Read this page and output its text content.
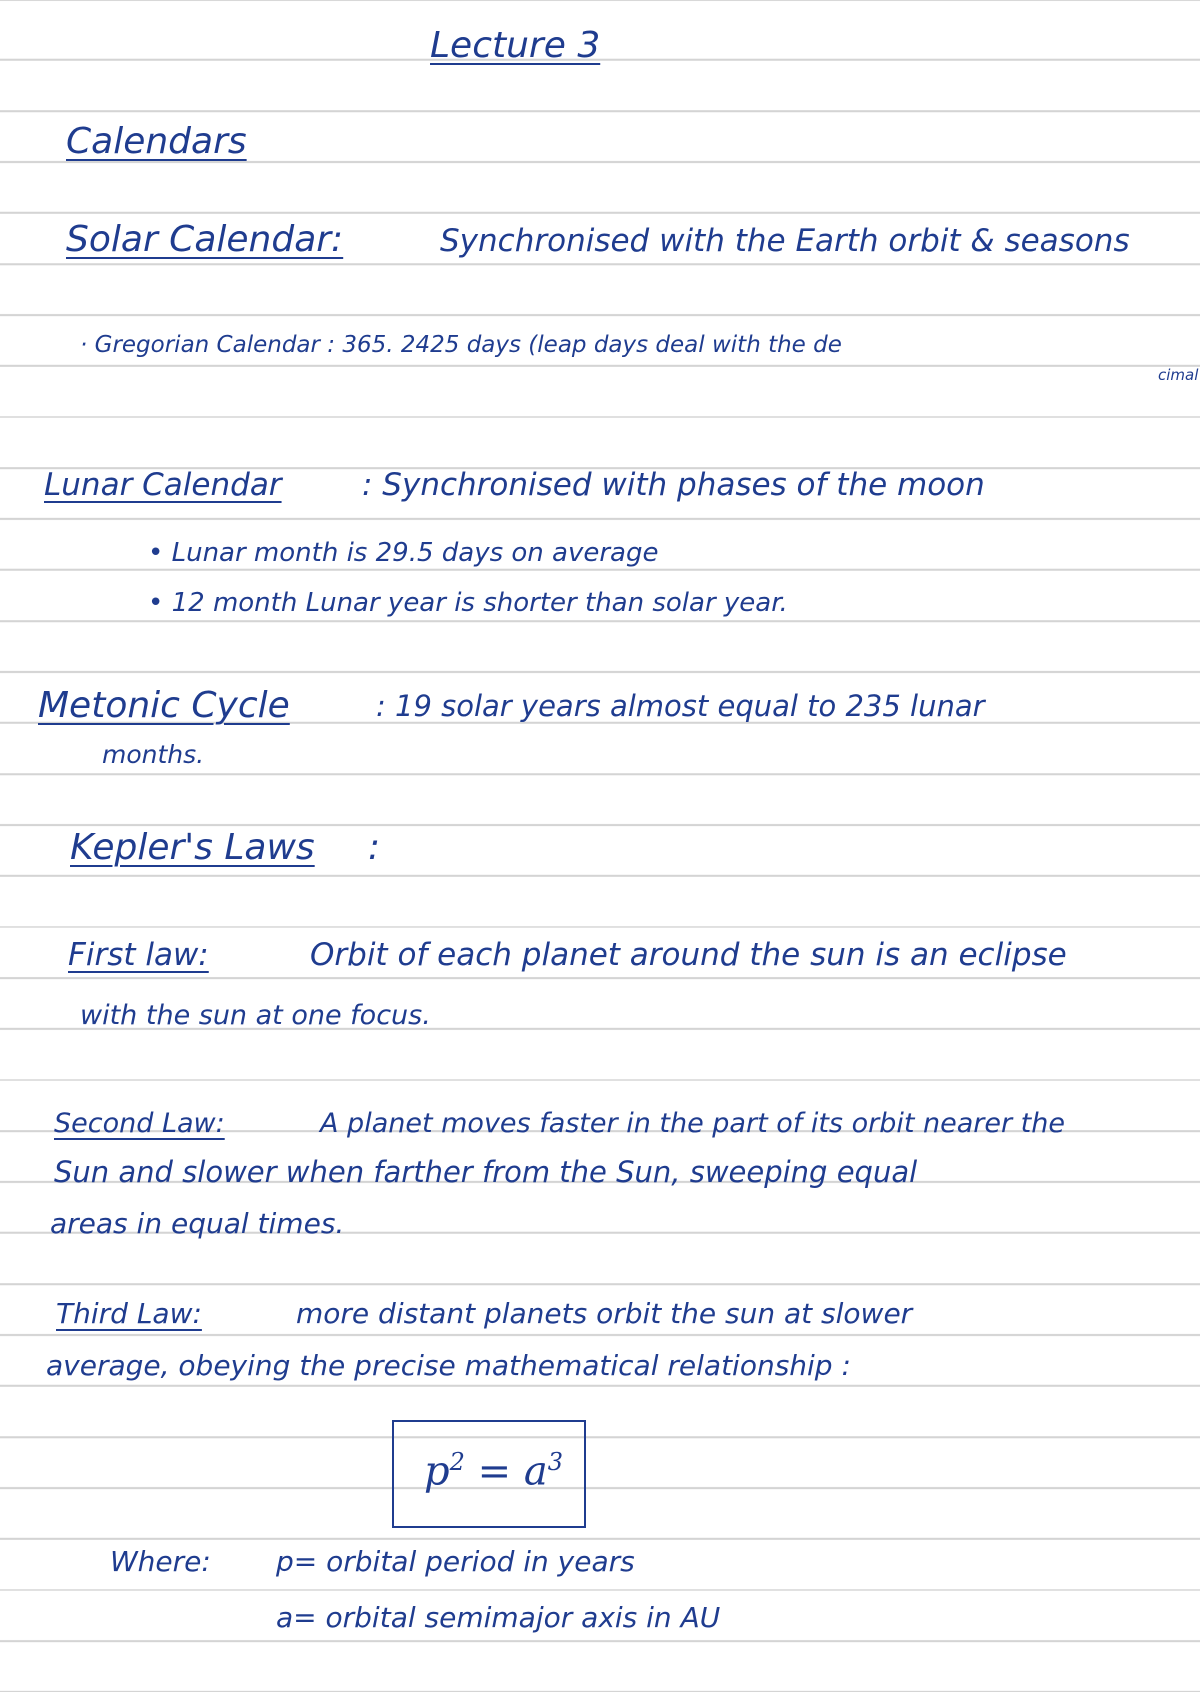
Lecture 3
Calendars
Solar Calendar:	Synchronised with the Earth orbit & seasons
· Gregorian Calendar : 365. 2425 days (leap days deal with the de
cimal
Lunar Calendar	: Synchronised with phases of the moon
• Lunar month is 29.5 days on average
• 12 month Lunar year is shorter than solar year.
Metonic Cycle	: 19 solar years almost equal to 235 lunar
months.
Kepler's Laws :
First law:	Orbit of each planet around the sun is an eclipse
with the sun at one focus.
Second Law:	A planet moves faster in the part of its orbit nearer the
Sun and slower when farther from the Sun, sweeping equal
areas in equal times.
Third Law:	more distant planets orbit the sun at slower
average, obeying the precise mathematical relationship :
$p^2 = a^3$
Where: p= orbital period in years
a= orbital semimajor axis in AU
